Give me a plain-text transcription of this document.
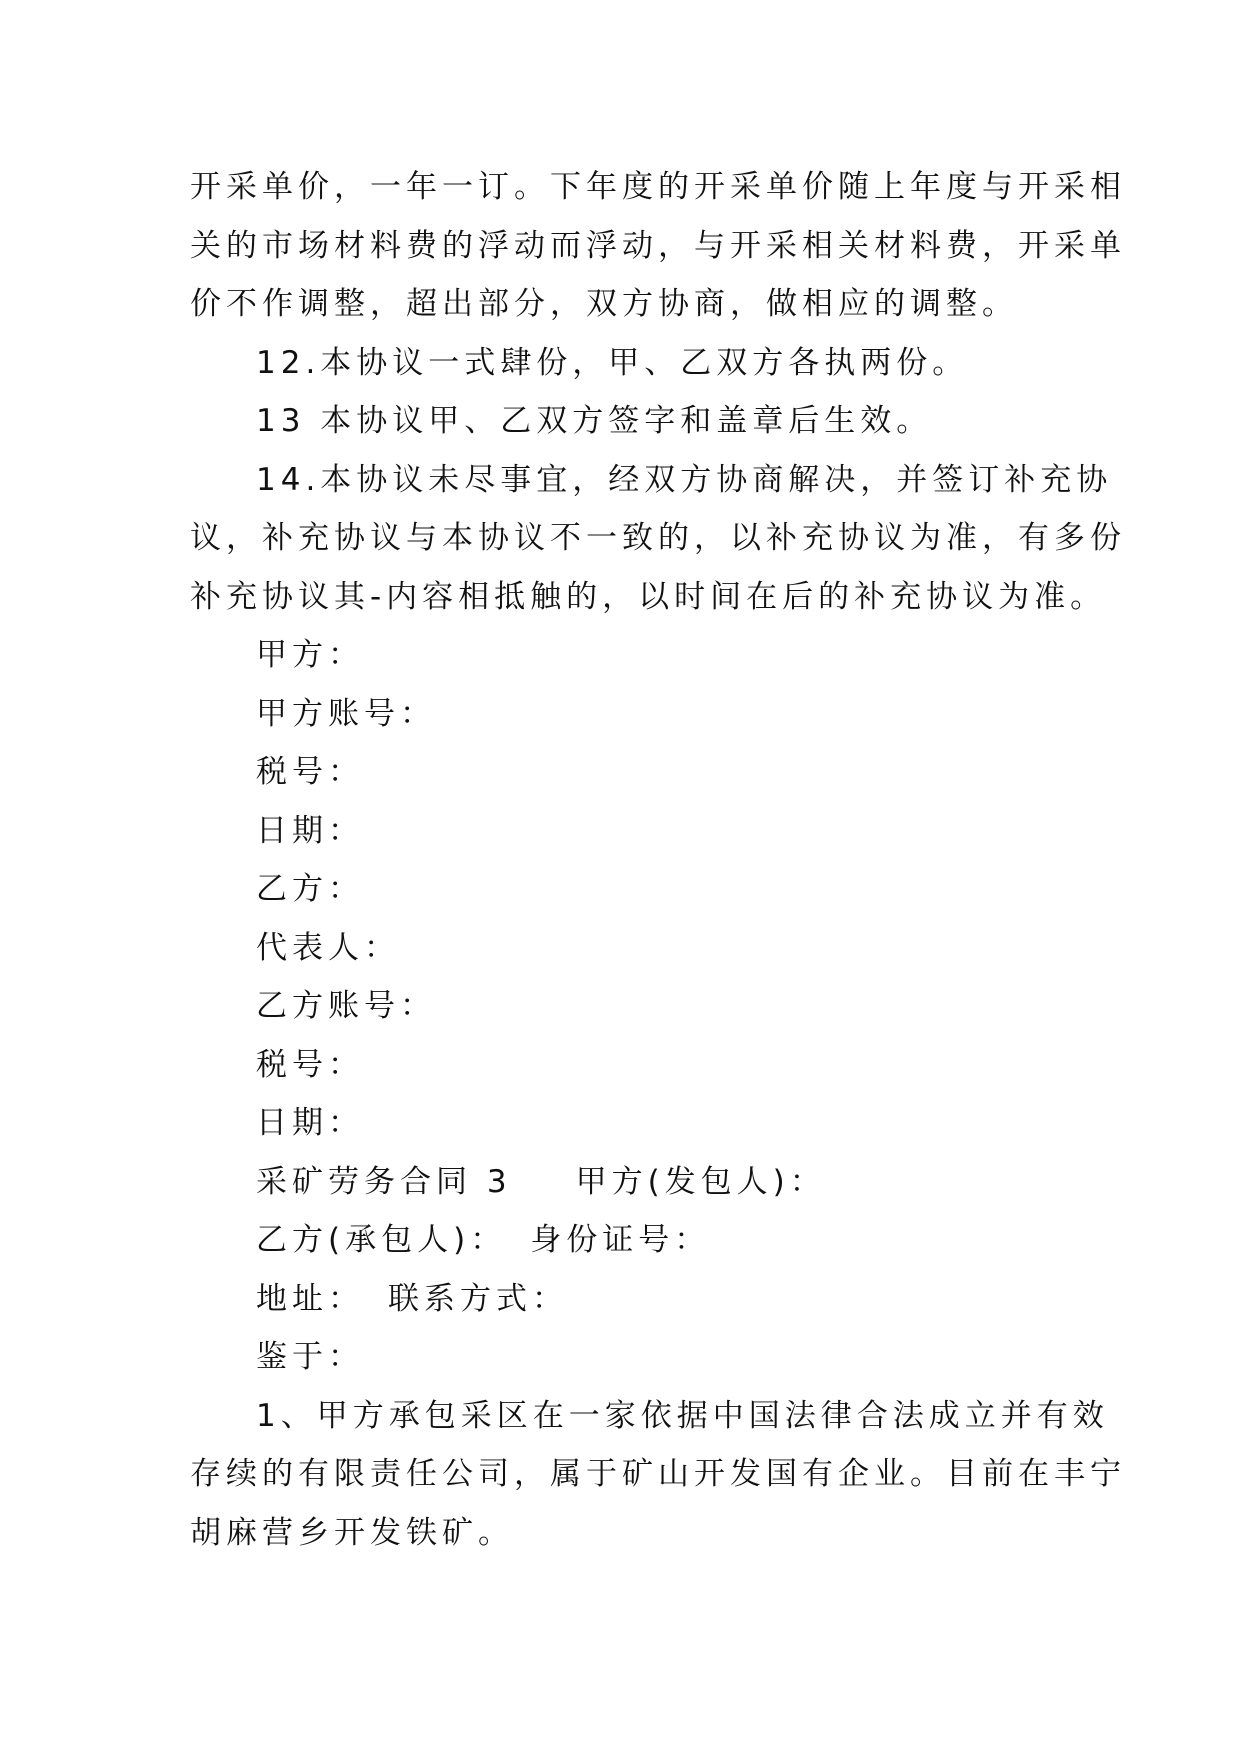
开采单价，一年一订。下年度的开采单价随上年度与开采相
关的市场材料费的浮动而浮动，与开采相关材料费，开采单
价不作调整，超出部分，双方协商，做相应的调整。
12.本协议一式肆份，甲、乙双方各执两份。
13 本协议甲、乙双方签字和盖章后生效。
14.本协议未尽事宜，经双方协商解决，并签订补充协
议，补充协议与本协议不一致的，以补充协议为准，有多份
补充协议其-内容相抵触的，以时间在后的补充协议为准。
甲方：
甲方账号：
税号：
日期：
乙方：
代表人：
乙方账号：
税号：
日期：
采矿劳务合同 3 甲方(发包人)：
乙方(承包人)： 身份证号：
地址： 联系方式：
鉴于：
1、甲方承包采区在一家依据中国法律合法成立并有效
存续的有限责任公司，属于矿山开发国有企业。目前在丰宁
胡麻营乡开发铁矿。
